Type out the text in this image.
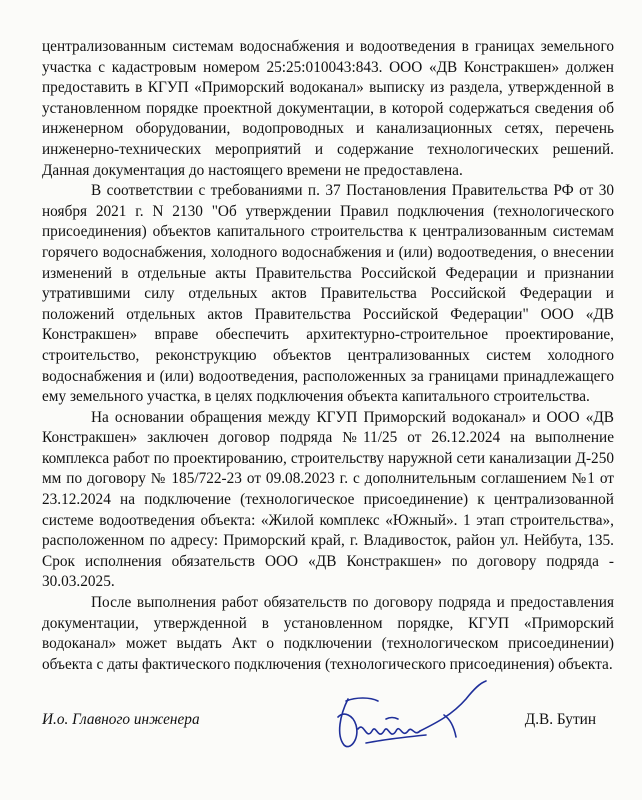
централизованным системам водоснабжения и водоотведения в границах земельного участка с кадастровым номером 25:25:010043:843. ООО «ДВ Констракшен» должен предоставить в КГУП «Приморский водоканал» выписку из раздела, утвержденной в установленном порядке проектной документации, в которой содержаться сведения об инженерном оборудовании, водопроводных и канализационных сетях, перечень инженерно-технических мероприятий и содержание технологических решений. Данная документация до настоящего времени не предоставлена.

В соответствии с требованиями п. 37 Постановления Правительства РФ от 30 ноября 2021 г. N 2130 "Об утверждении Правил подключения (технологического присоединения) объектов капитального строительства к централизованным системам горячего водоснабжения, холодного водоснабжения и (или) водоотведения, о внесении изменений в отдельные акты Правительства Российской Федерации и признании утратившими силу отдельных актов Правительства Российской Федерации и положений отдельных актов Правительства Российской Федерации" ООО «ДВ Констракшен» вправе обеспечить архитектурно-строительное проектирование, строительство, реконструкцию объектов централизованных систем холодного водоснабжения и (или) водоотведения, расположенных за границами принадлежащего ему земельного участка, в целях подключения объекта капитального строительства.

На основании обращения между КГУП Приморский водоканал» и ООО «ДВ Констракшен» заключен договор подряда №11/25 от 26.12.2024 на выполнение комплекса работ по проектированию, строительству наружной сети канализации Д-250 мм по договору № 185/722-23 от 09.08.2023 г. с дополнительным соглашением №1 от 23.12.2024 на подключение (технологическое присоединение) к централизованной системе водоотведения объекта: «Жилой комплекс «Южный». 1 этап строительства», расположенном по адресу: Приморский край, г. Владивосток, район ул. Нейбута, 135. Срок исполнения обязательств ООО «ДВ Констракшен» по договору подряда - 30.03.2025.

После выполнения работ обязательств по договору подряда и предоставления документации, утвержденной в установленном порядке, КГУП «Приморский водоканал» может выдать Акт о подключении (технологическом присоединении) объекта с даты фактического подключения (технологического присоединения) объекта.

И.о. Главного инженера	Д.В. Бутин
